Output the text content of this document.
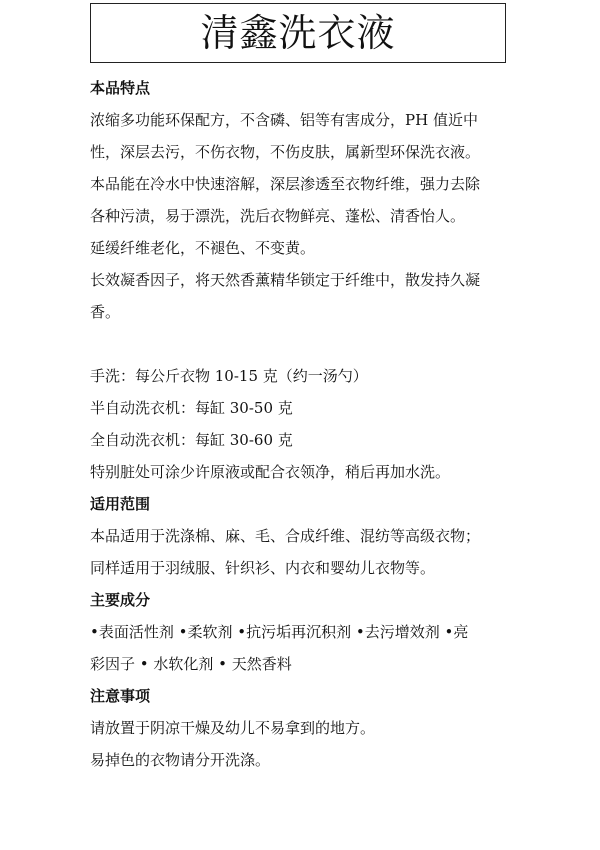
清鑫洗衣液
本品特点
浓缩多功能环保配方，不含磷、铝等有害成分，PH 值近中
性，深层去污，不伤衣物，不伤皮肤，属新型环保洗衣液。
本品能在冷水中快速溶解，深层渗透至衣物纤维，强力去除
各种污渍，易于漂洗，洗后衣物鲜亮、蓬松、清香怡人。
延缓纤维老化，不褪色、不变黄。
长效凝香因子，将天然香薰精华锁定于纤维中，散发持久凝
香。
手洗：每公斤衣物 10-15 克（约一汤勺）
半自动洗衣机：每缸 30-50 克
全自动洗衣机：每缸 30-60 克
特别脏处可涂少许原液或配合衣领净，稍后再加水洗。
适用范围
本品适用于洗涤棉、麻、毛、合成纤维、混纺等高级衣物；
同样适用于羽绒服、针织衫、内衣和婴幼儿衣物等。
主要成分
•表面活性剂 •柔软剂 •抗污垢再沉积剂 •去污增效剂 •亮
彩因子 • 水软化剂 • 天然香料
注意事项
请放置于阴凉干燥及幼儿不易拿到的地方。
易掉色的衣物请分开洗涤。
